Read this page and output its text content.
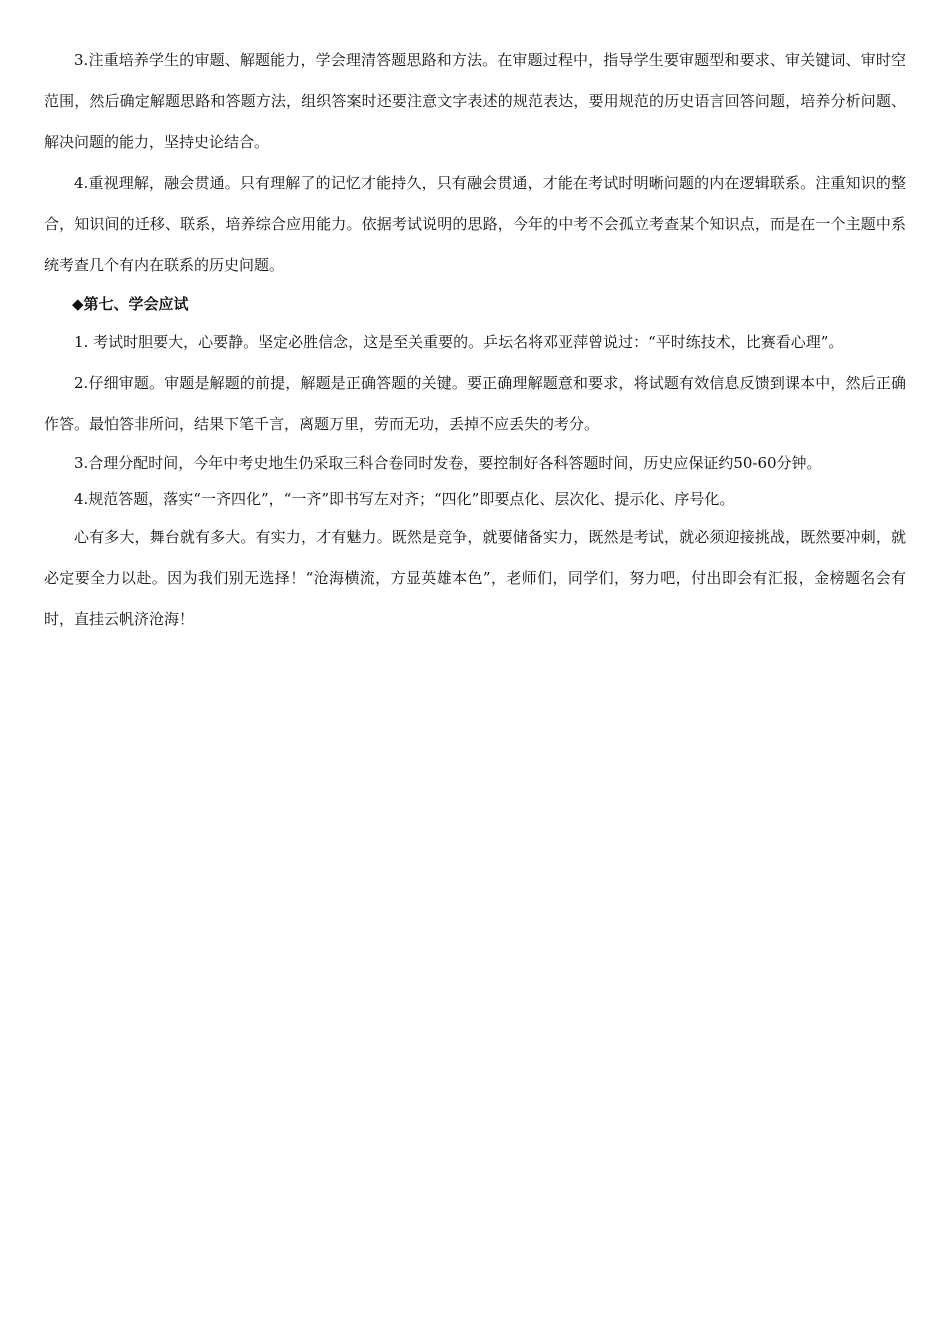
3.注重培养学生的审题、解题能力，学会理清答题思路和方法。在审题过程中，指导学生要审题型和要求、审关键词、审时空范围，然后确定解题思路和答题方法，组织答案时还要注意文字表述的规范表达，要用规范的历史语言回答问题，培养分析问题、解决问题的能力，坚持史论结合。

4.重视理解，融会贯通。只有理解了的记忆才能持久，只有融会贯通，才能在考试时明晰问题的内在逻辑联系。注重知识的整合，知识间的迁移、联系，培养综合应用能力。依据考试说明的思路，今年的中考不会孤立考查某个知识点，而是在一个主题中系统考查几个有内在联系的历史问题。

◆第七、学会应试

1. 考试时胆要大，心要静。坚定必胜信念，这是至关重要的。乒坛名将邓亚萍曾说过：“平时练技术，比赛看心理”。

2.仔细审题。审题是解题的前提，解题是正确答题的关键。要正确理解题意和要求，将试题有效信息反馈到课本中，然后正确作答。最怕答非所问，结果下笔千言，离题万里，劳而无功，丢掉不应丢失的考分。

3.合理分配时间，今年中考史地生仍采取三科合卷同时发卷，要控制好各科答题时间，历史应保证约50-60分钟。

4.规范答题，落实“一齐四化”，“一齐”即书写左对齐；“四化”即要点化、层次化、提示化、序号化。

心有多大，舞台就有多大。有实力，才有魅力。既然是竞争，就要储备实力，既然是考试，就必须迎接挑战，既然要冲刺，就必定要全力以赴。因为我们别无选择！“沧海横流，方显英雄本色”，老师们，同学们，努力吧，付出即会有汇报，金榜题名会有时，直挂云帆济沧海！
